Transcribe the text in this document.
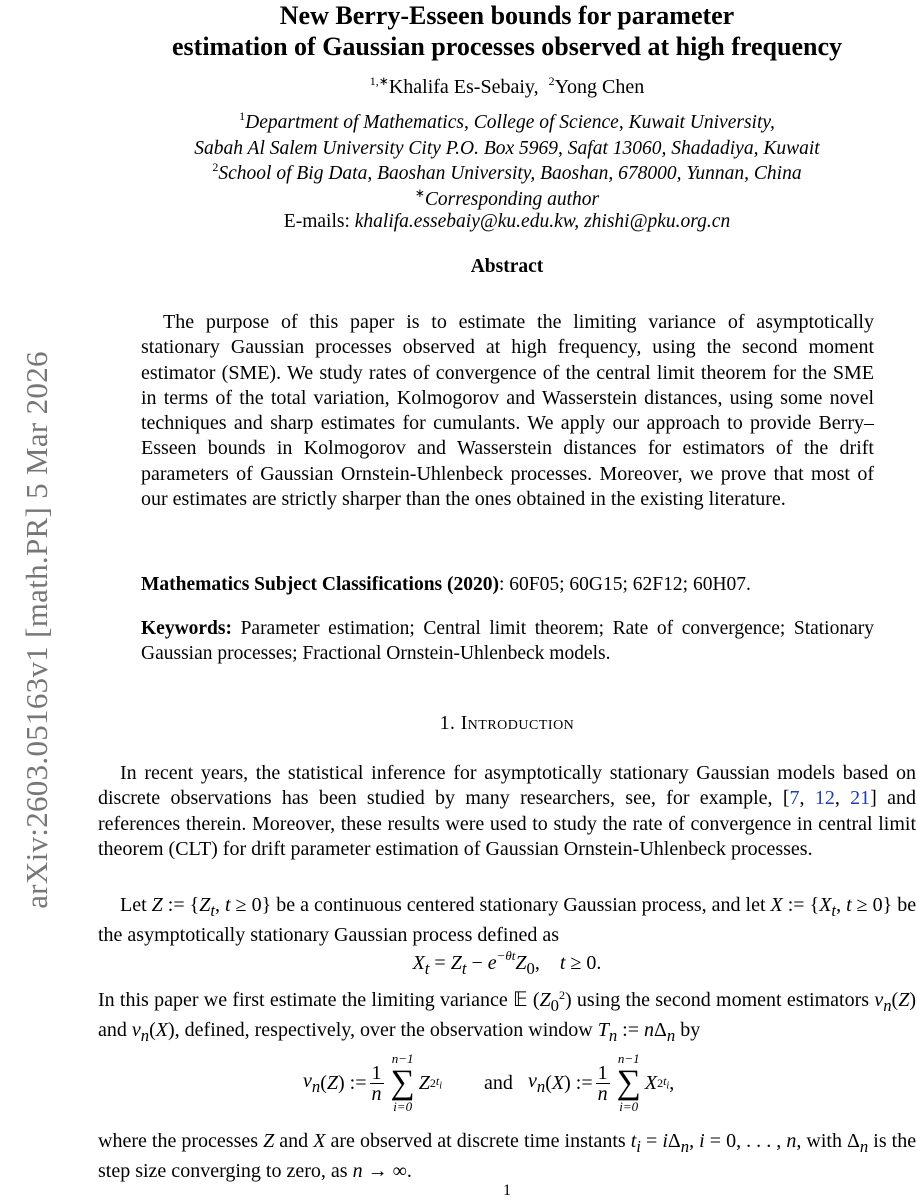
arXiv:2603.05163v1 [math.PR] 5 Mar 2026
New Berry-Esseen bounds for parameter
estimation of Gaussian processes observed at high frequency
$^{1,∗}$Khalifa Es-Sebaiy, $^2$Yong Chen
$^1$Department of Mathematics, College of Science, Kuwait University,
Sabah Al Salem University City P.O. Box 5969, Safat 13060, Shadadiya, Kuwait
$^2$School of Big Data, Baoshan University, Baoshan, 678000, Yunnan, China
∗Corresponding author
E-mails: khalifa.essebaiy@ku.edu.kw, zhishi@pku.org.cn
Abstract
The purpose of this paper is to estimate the limiting variance of asymptotically stationary Gaussian processes observed at high frequency, using the second moment estimator (SME). We study rates of convergence of the central limit theorem for the SME in terms of the total variation, Kolmogorov and Wasserstein distances, using some novel techniques and sharp estimates for cumulants. We apply our approach to provide Berry–Esseen bounds in Kolmogorov and Wasserstein distances for estimators of the drift parameters of Gaussian Ornstein-Uhlenbeck processes. Moreover, we prove that most of our estimates are strictly sharper than the ones obtained in the existing literature.
Mathematics Subject Classifications (2020): 60F05; 60G15; 62F12; 60H07.
Keywords: Parameter estimation; Central limit theorem; Rate of convergence; Stationary Gaussian processes; Fractional Ornstein-Uhlenbeck models.
1. Introduction
In recent years, the statistical inference for asymptotically stationary Gaussian models based on discrete observations has been studied by many researchers, see, for example, [7, 12, 21] and references therein. Moreover, these results were used to study the rate of convergence in central limit theorem (CLT) for drift parameter estimation of Gaussian Ornstein-Uhlenbeck processes.
Let Z := {$Z_t$, t ≥ 0} be a continuous centered stationary Gaussian process, and let X := {$X_t$, t ≥ 0} be the asymptotically stationary Gaussian process defined as
$X_t = Z_t - e^{-\theta t}Z_0$,    t ≥ 0.
In this paper we first estimate the limiting variance 𝔼 $(Z_0^2)$ using the second moment estimators $v_n(Z)$ and $v_n(X)$, defined, respectively, over the observation window $T_n$ := $n\Delta_n$ by
$v_n$ ( Z ) := $\frac{1}{n}$
n−1
∑
i=0
Z 2 $t_i$ and $v_n$ ( X ) := $\frac{1}{n}$
n−1
∑
i=0
X 2 $t_i$ ,
where the processes Z and X are observed at discrete time instants $t_i = i\Delta_n$, i = 0, . . . , n, with $\Delta_n$ is the step size converging to zero, as n → ∞.
1
